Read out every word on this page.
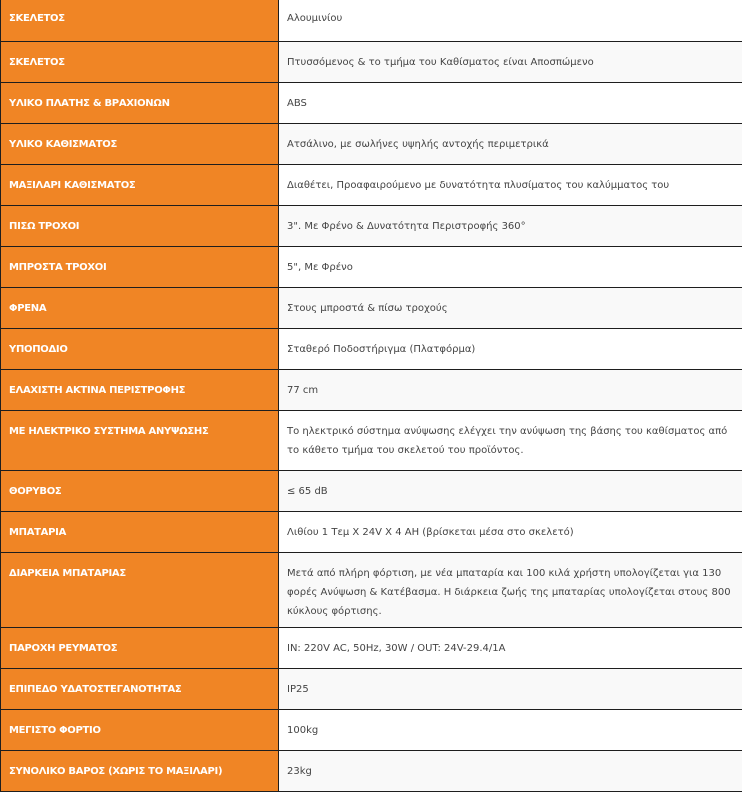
ΣΚΕΛΕΤΟΣ	Αλουμινίου

ΣΚΕΛΕΤΟΣ	Πτυσσόμενος & το τμήμα του Καθίσματος είναι Αποσπώμενο

ΥΛΙΚΟ ΠΛΑΤΗΣ & ΒΡΑΧΙΟΝΩΝ	ABS

ΥΛΙΚΟ ΚΑΘΙΣΜΑΤΟΣ	Ατσάλινο, με σωλήνες υψηλής αντοχής περιμετρικά

ΜΑΞΙΛΑΡΙ ΚΑΘΙΣΜΑΤΟΣ	Διαθέτει, Προαφαιρούμενο με δυνατότητα πλυσίματος του καλύμματος του

ΠΙΣΩ ΤΡΟΧΟΙ	3". Με Φρένο & Δυνατότητα Περιστροφής 360°

ΜΠΡΟΣΤΑ ΤΡΟΧΟΙ	5", Με Φρένο

ΦΡΕΝΑ	Στους μπροστά & πίσω τροχούς

ΥΠΟΠΟΔΙΟ	Σταθερό Ποδοστήριγμα (Πλατφόρμα)

ΕΛΑΧΙΣΤΗ ΑΚΤΙΝΑ ΠΕΡΙΣΤΡΟΦΗΣ	77 cm

ΜΕ ΗΛΕΚΤΡΙΚΟ ΣΥΣΤΗΜΑ ΑΝΥΨΩΣΗΣ	Το ηλεκτρικό σύστημα ανύψωσης ελέγχει την ανύψωση της βάσης του καθίσματος από το κάθετο τμήμα του σκελετού του προϊόντος.

ΘΟΡΥΒΟΣ	≤ 65 dB

ΜΠΑΤΑΡΙΑ	Λιθίου 1 Τεμ X 24V X 4 AH (βρίσκεται μέσα στο σκελετό)

ΔΙΑΡΚΕΙΑ ΜΠΑΤΑΡΙΑΣ	Μετά από πλήρη φόρτιση, με νέα μπαταρία και 100 κιλά χρήστη υπολογίζεται για 130 φορές Ανύψωση & Κατέβασμα. Η διάρκεια ζωής της μπαταρίας υπολογίζεται στους 800 κύκλους φόρτισης.

ΠΑΡΟΧΗ ΡΕΥΜΑΤΟΣ	IN: 220V AC, 50Hz, 30W / OUT: 24V-29.4/1A

ΕΠΙΠΕΔΟ ΥΔΑΤΟΣΤΕΓΑΝΟΤΗΤΑΣ	IP25

ΜΕΓΙΣΤΟ ΦΟΡΤΙΟ	100kg

ΣΥΝΟΛΙΚΟ ΒΑΡΟΣ (ΧΩΡΙΣ ΤΟ ΜΑΞΙΛΑΡΙ)	23kg
